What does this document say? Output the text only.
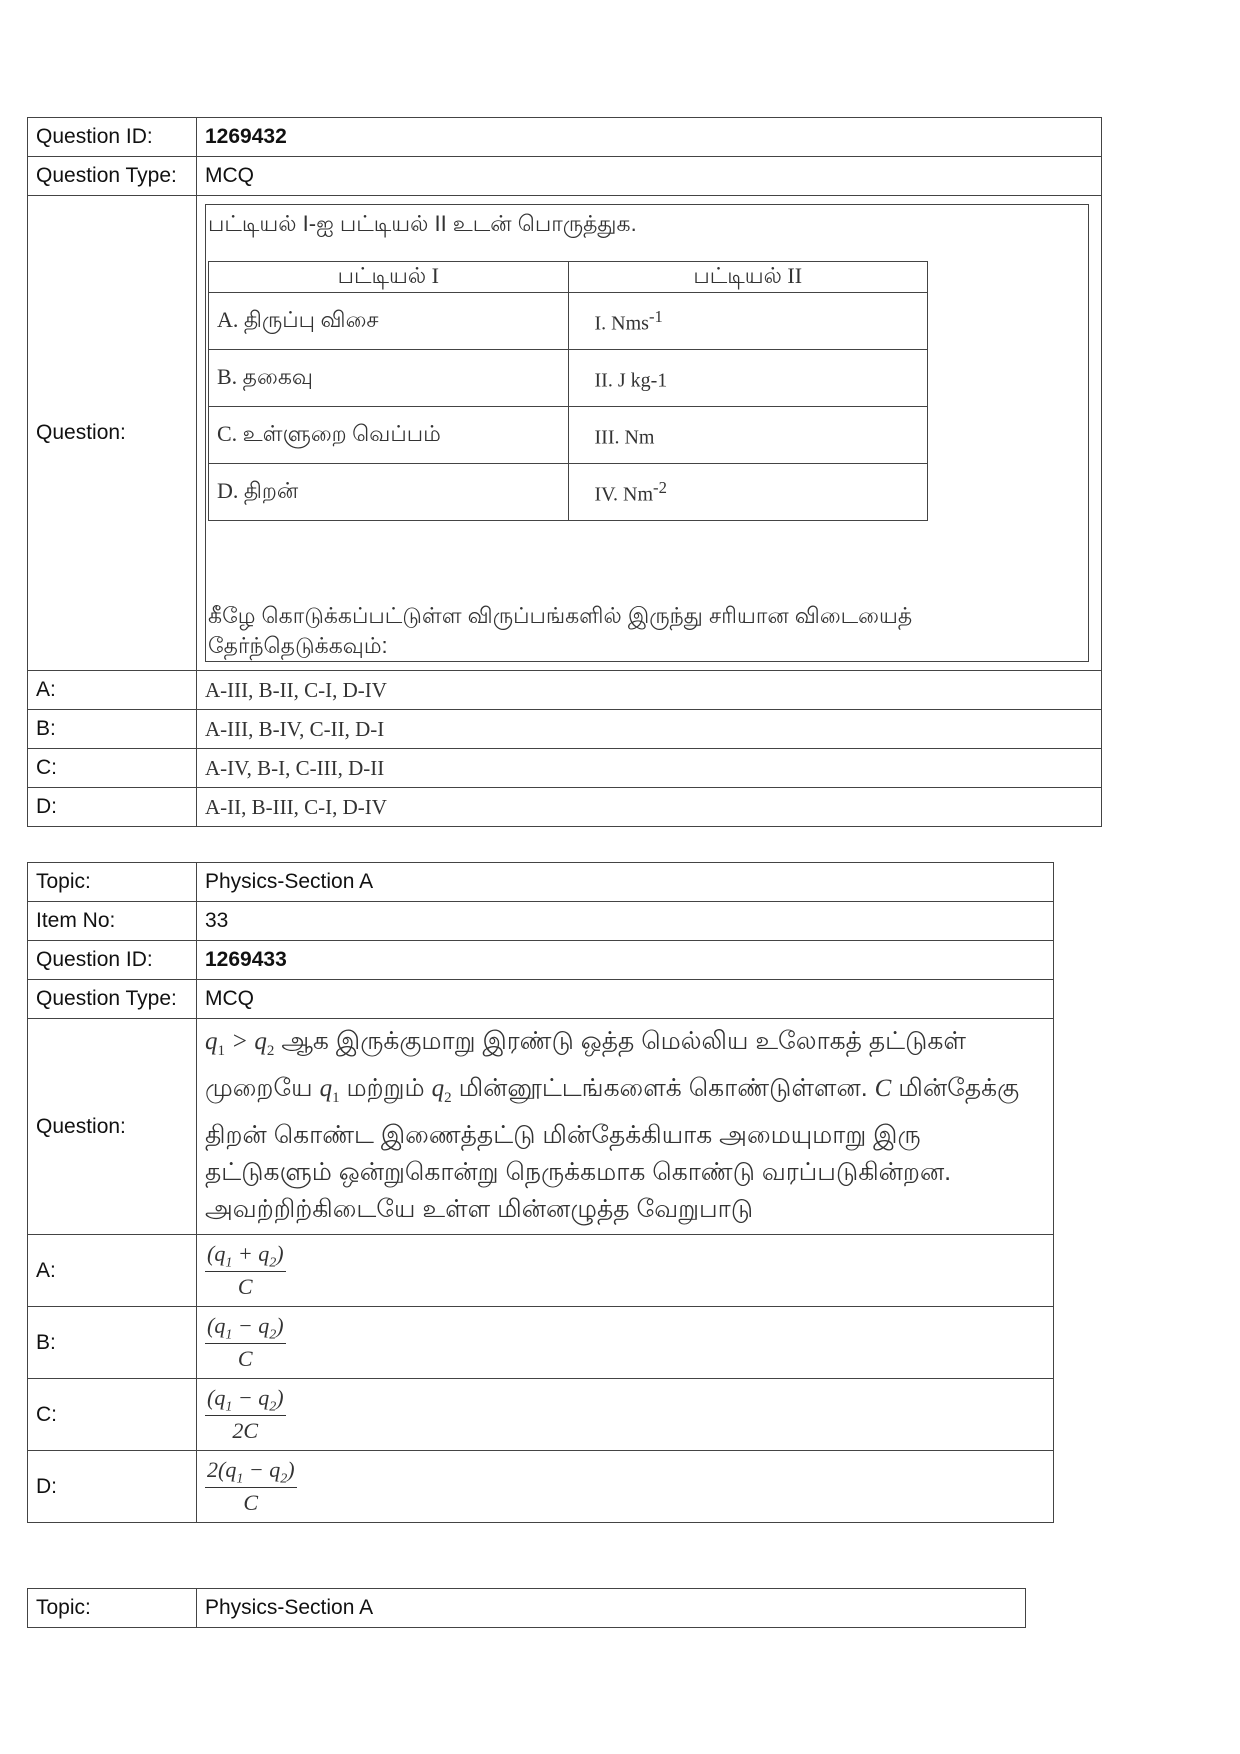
Question ID:	1269432
Question Type:	MCQ
Question:	
பட்டியல் I-ஐ பட்டியல் II உடன் பொருத்துக.
பட்டியல் I	பட்டியல் II
A. திருப்பு விசை	I. Nms$^{-1}$
B. தகைவு	II. J kg-1
C. உள்ளுறை வெப்பம்	III. Nm
D. திறன்	IV. $Nm^{-2}$
கீழே கொடுக்கப்பட்டுள்ள விருப்பங்களில் இருந்து சரியான விடையைத் தேர்ந்தெடுக்கவும்:

A:	A-III, B-II, C-I, D-IV
B:	A-III, B-IV, C-II, D-I
C:	A-IV, B-I, C-III, D-II
D:	A-II, B-III, C-I, D-IV
Topic:	Physics-Section A
Item No:	33
Question ID:	1269433
Question Type:	MCQ
Question:	$q_1 > q_2$ ஆக இருக்குமாறு இரண்டு ஒத்த மெல்லிய உலோகத் தட்டுகள் முறையே $q_1$ மற்றும் $q_2$ மின்னூட்டங்களைக் கொண்டுள்ளன. C மின்தேக்கு திறன் கொண்ட இணைத்தட்டு மின்தேக்கியாக அமையுமாறு இரு தட்டுகளும் ஒன்றுகொன்று நெருக்கமாக கொண்டு வரப்படுகின்றன. அவற்றிற்கிடையே உள்ள மின்னழுத்த வேறுபாடு

A:	$\frac{(q_1 + q_2)}{C}$

B:	$\frac{(q_1 - q_2)}{C}$

C:	$\frac{(q_1 - q_2)}{2C}$

D:	$\frac{2(q_1 - q_2)}{C}$
Topic:	Physics-Section A
